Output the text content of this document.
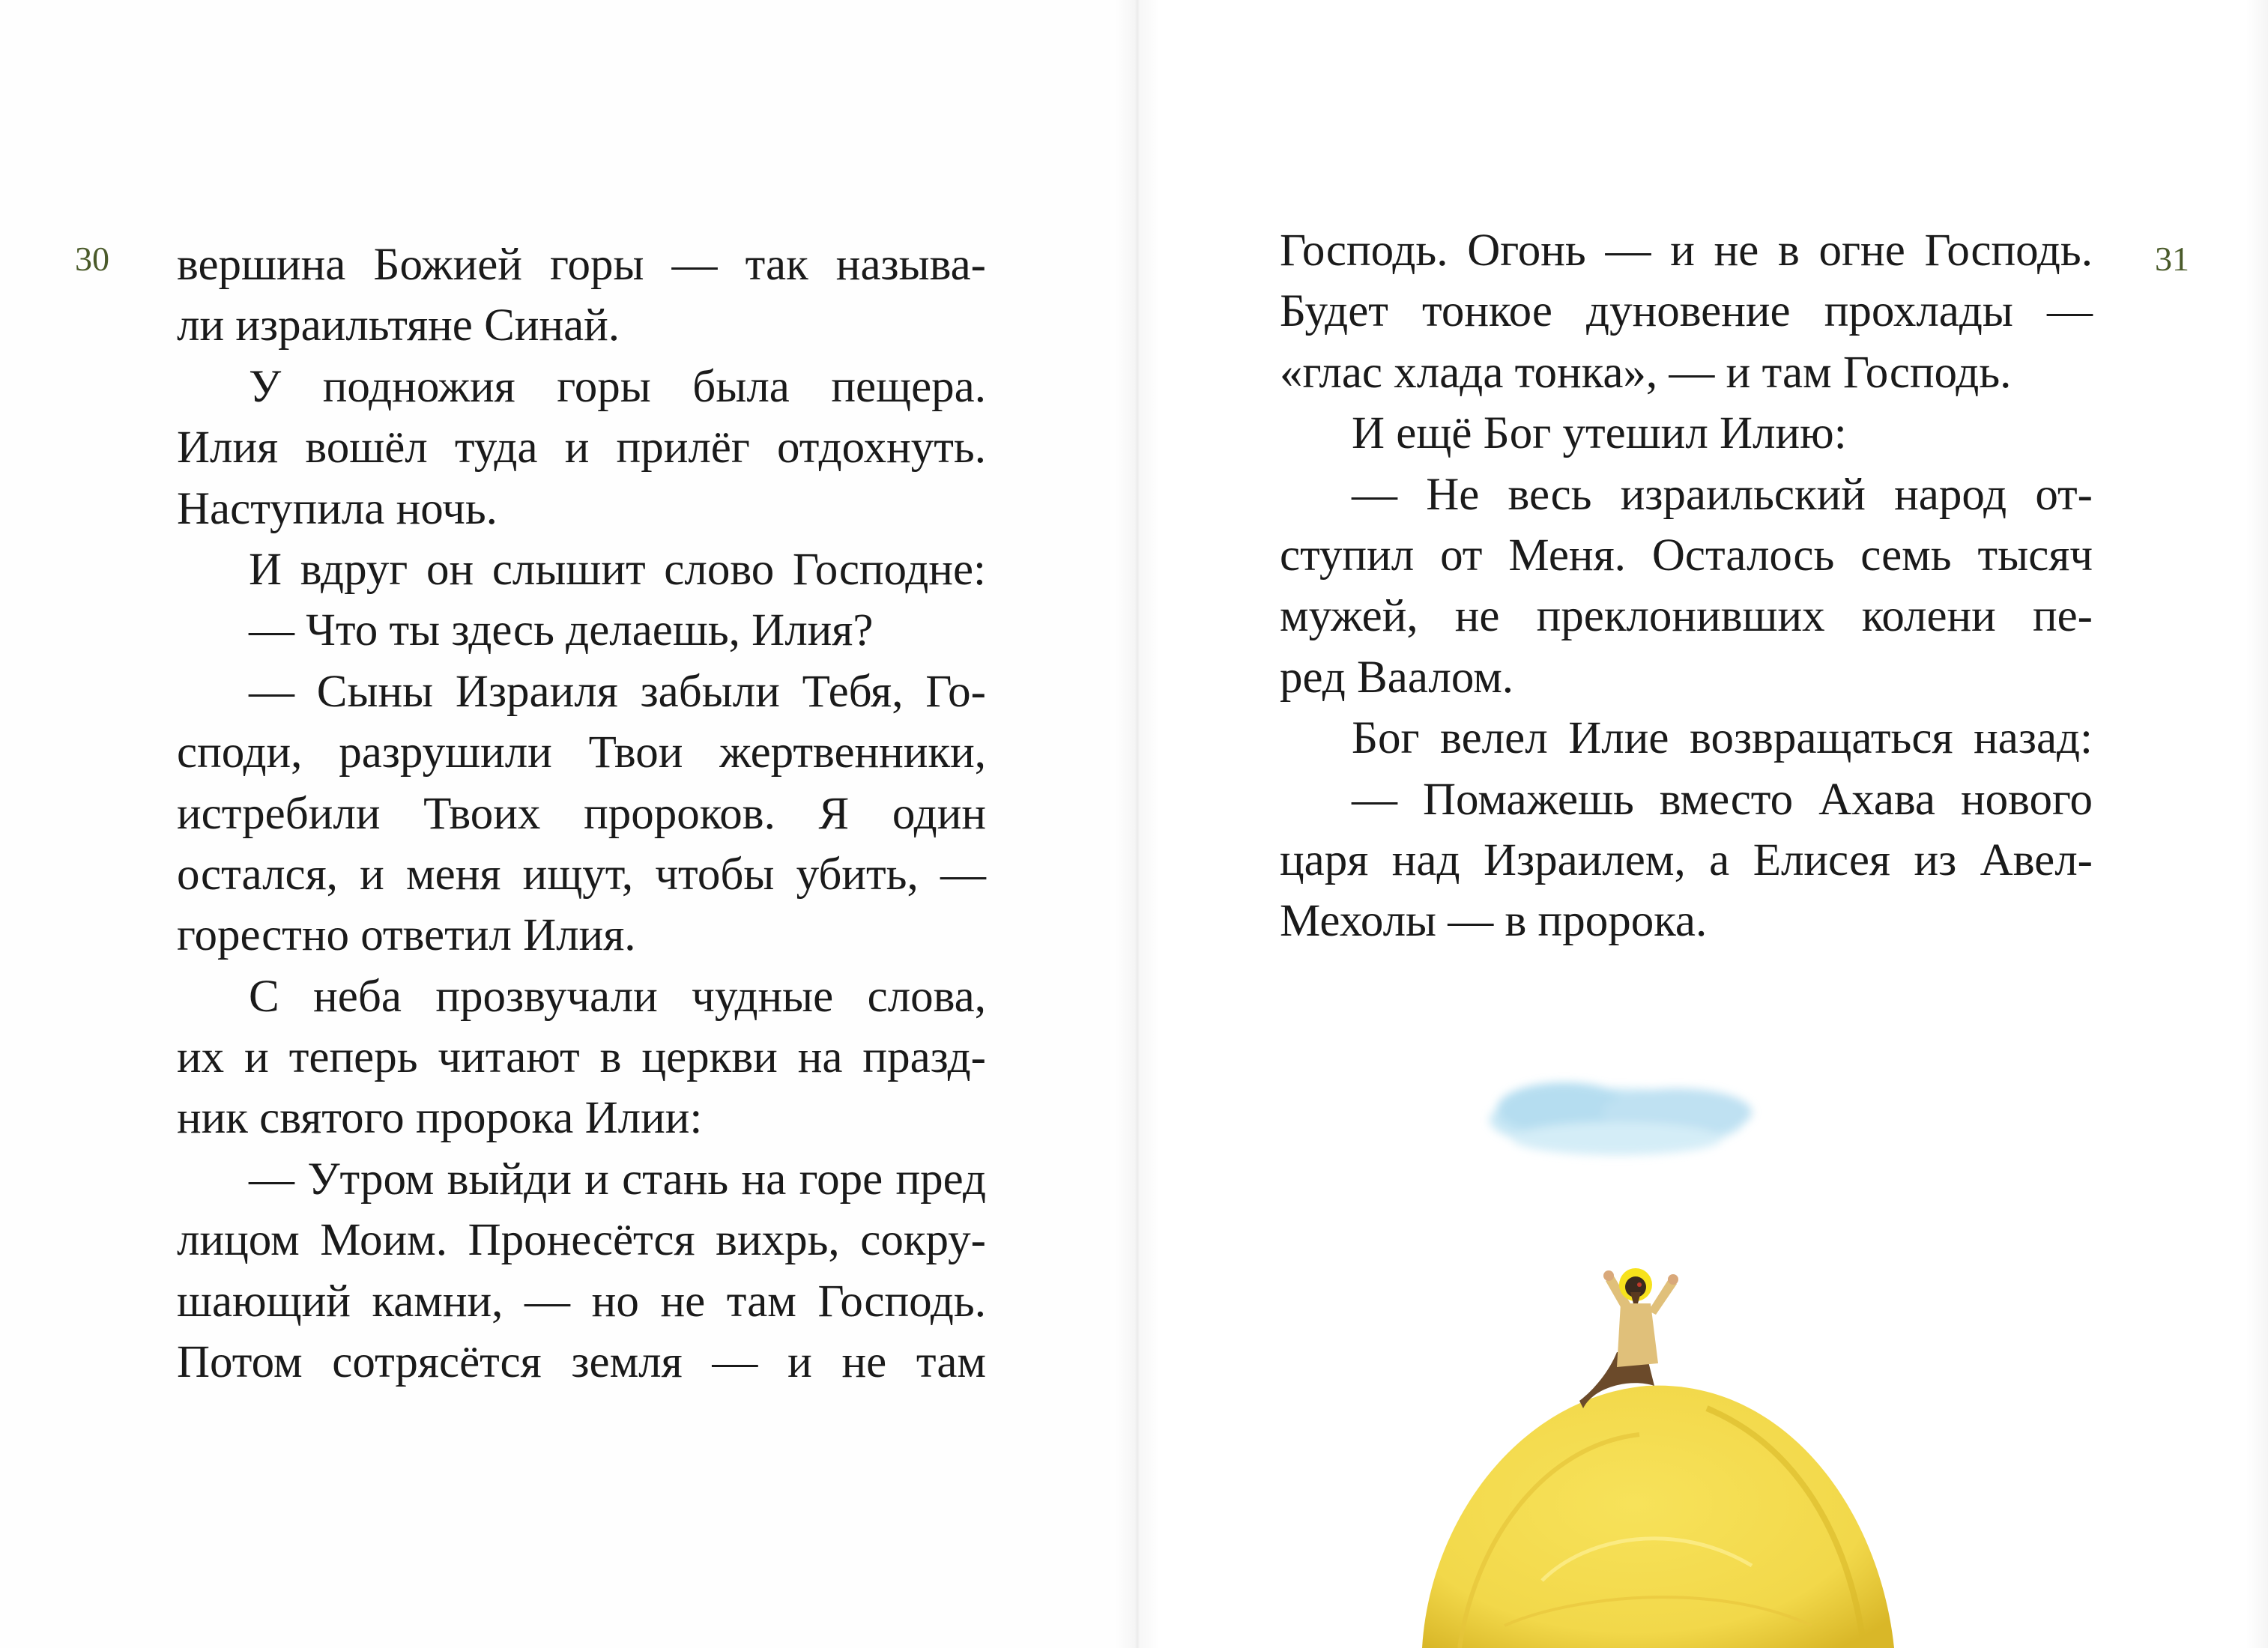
30	31
вершина Божией горы — так называ-
ли израильтяне Синай.
У подножия горы была пещера.
Илия вошёл туда и прилёг отдохнуть.
Наступила ночь.
И вдруг он слышит слово Господне:
— Что ты здесь делаешь, Илия?
— Сыны Израиля забыли Тебя, Го-
споди, разрушили Твои жертвенники,
истребили Твоих пророков. Я один
остался, и меня ищут, чтобы убить, —
горестно ответил Илия.
С неба прозвучали чудные слова,
их и теперь читают в церкви на празд-
ник святого пророка Илии:
— Утром выйди и стань на горе пред
лицом Моим. Пронесётся вихрь, сокру-
шающий камни, — но не там Господь.
Потом сотрясётся земля — и не там
Господь. Огонь — и не в огне Господь.
Будет тонкое дуновение прохлады —
«глас хлада тонка», — и там Господь.
И ещё Бог утешил Илию:
— Не весь израильский народ от-
ступил от Меня. Осталось семь тысяч
мужей, не преклонивших колени пе-
ред Ваалом.
Бог велел Илие возвращаться назад:
— Помажешь вместо Ахава нового
царя над Израилем, а Елисея из Авел-
Мехолы — в пророка.
